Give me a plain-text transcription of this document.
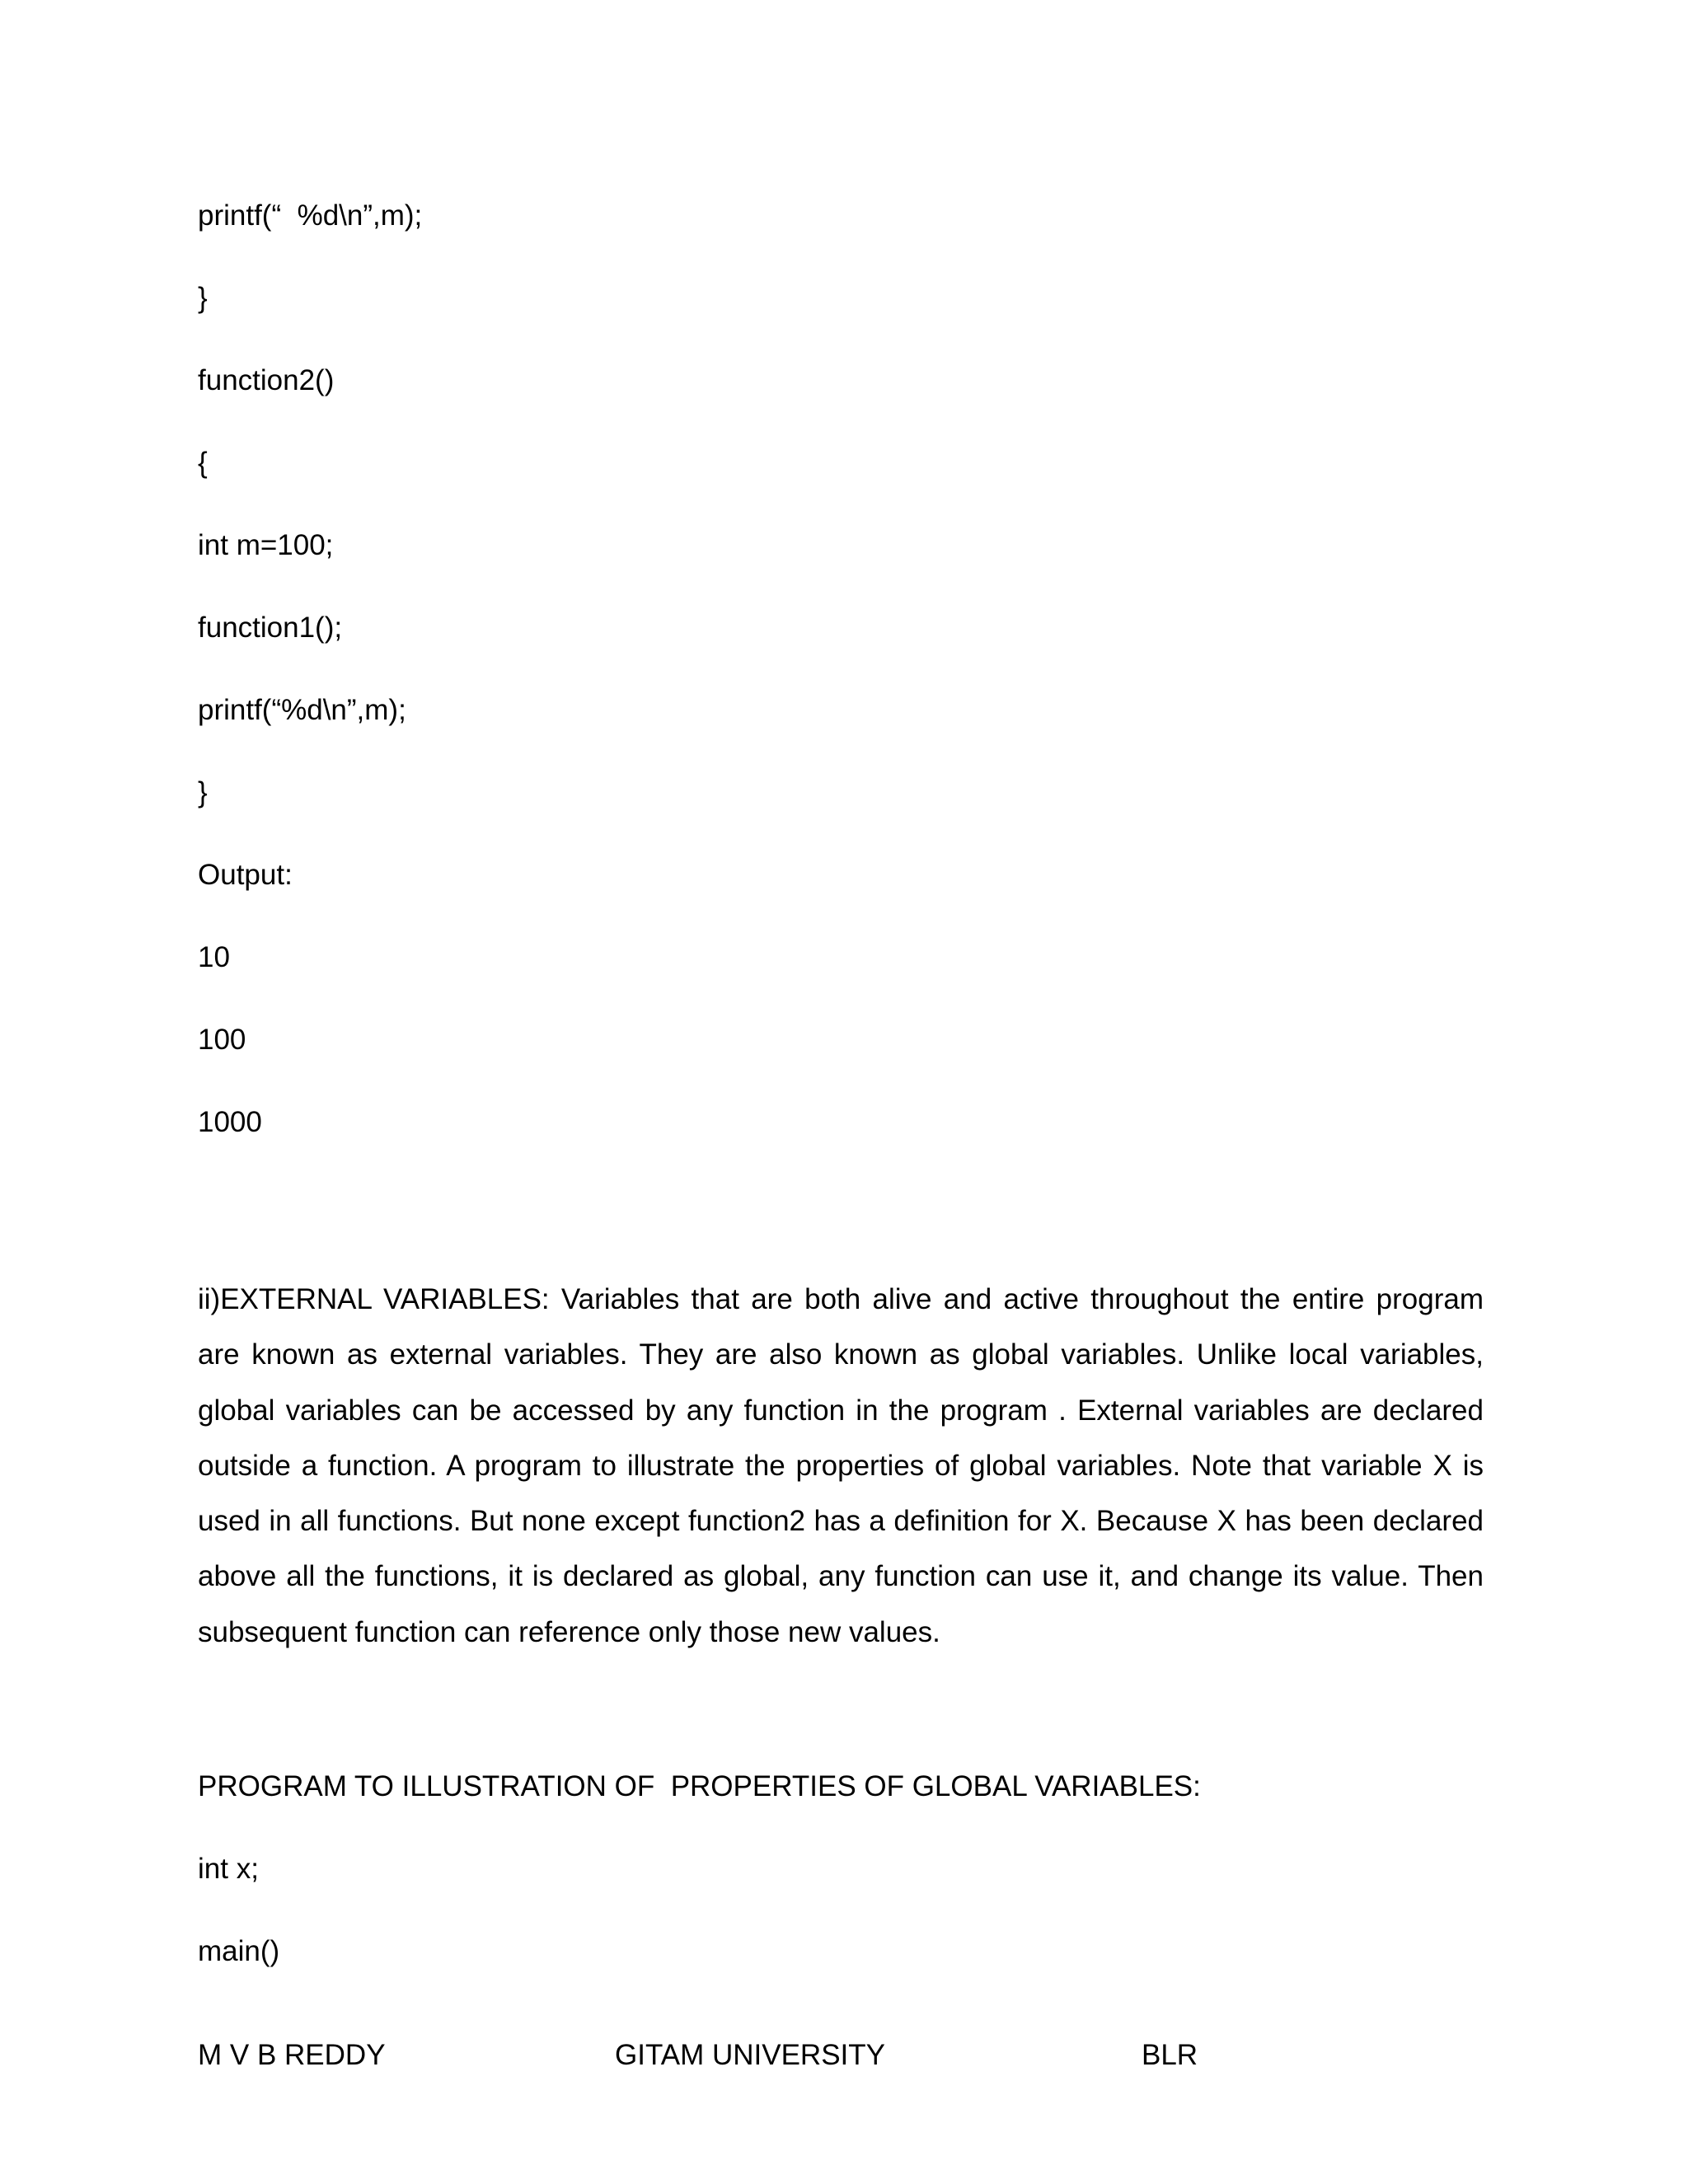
printf(“  %d\n”,m);
}
function2()
{
int m=100;
function1();
printf(“%d\n”,m);
}
Output:
10
100
1000
ii)EXTERNAL VARIABLES: Variables that are both alive and active throughout the entire program are known as external variables. They are also known as global variables. Unlike local variables, global variables can be accessed by any function in the program . External variables are declared outside a function. A program to illustrate the properties of global variables. Note that variable X is used in all functions. But none except function2 has a definition for X. Because X has been declared above all the functions, it is declared as global, any function can use it, and change its value. Then subsequent function can reference only those new values.
PROGRAM TO ILLUSTRATION OF  PROPERTIES OF GLOBAL VARIABLES:
int x;
main()
M V B REDDY	GITAM UNIVERSITY	BLR
